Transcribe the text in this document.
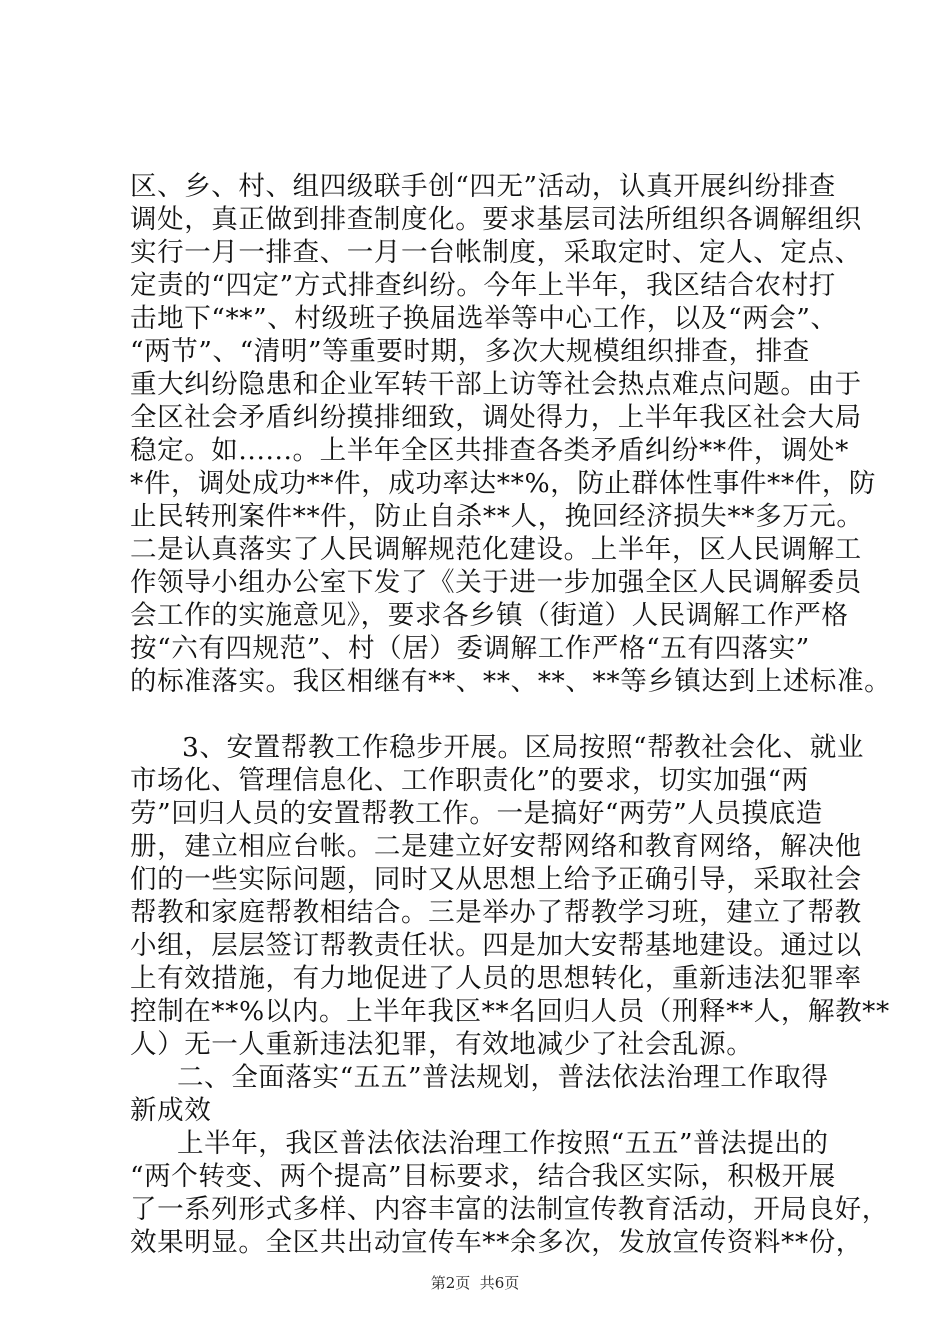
区、乡、村、组四级联手创“四无”活动，认真开展纠纷排查
调处，真正做到排查制度化。要求基层司法所组织各调解组织
实行一月一排查、一月一台帐制度，采取定时、定人、定点、
定责的“四定”方式排查纠纷。今年上半年，我区结合农村打
击地下“**”、村级班子换届选举等中心工作，以及“两会”、
“两节”、“清明”等重要时期，多次大规模组织排查，排查
重大纠纷隐患和企业军转干部上访等社会热点难点问题。由于
全区社会矛盾纠纷摸排细致，调处得力，上半年我区社会大局
稳定。如......。上半年全区共排查各类矛盾纠纷**件，调处*
*件，调处成功**件，成功率达**%，防止群体性事件**件，防
止民转刑案件**件，防止自杀**人，挽回经济损失**多万元。
二是认真落实了人民调解规范化建设。上半年，区人民调解工
作领导小组办公室下发了《关于进一步加强全区人民调解委员
会工作的实施意见》，要求各乡镇（街道）人民调解工作严格
按“六有四规范”、村（居）委调解工作严格“五有四落实”
的标准落实。我区相继有**、**、**、**等乡镇达到上述标准。
3、安置帮教工作稳步开展。区局按照“帮教社会化、就业
市场化、管理信息化、工作职责化”的要求，切实加强“两
劳”回归人员的安置帮教工作。一是搞好“两劳”人员摸底造
册，建立相应台帐。二是建立好安帮网络和教育网络，解决他
们的一些实际问题，同时又从思想上给予正确引导，采取社会
帮教和家庭帮教相结合。三是举办了帮教学习班，建立了帮教
小组，层层签订帮教责任状。四是加大安帮基地建设。通过以
上有效措施，有力地促进了人员的思想转化，重新违法犯罪率
控制在**%以内。上半年我区**名回归人员（刑释**人，解教**
人）无一人重新违法犯罪，有效地减少了社会乱源。
二、全面落实“五五”普法规划，普法依法治理工作取得
新成效
上半年，我区普法依法治理工作按照“五五”普法提出的
“两个转变、两个提高”目标要求，结合我区实际，积极开展
了一系列形式多样、内容丰富的法制宣传教育活动，开局良好，
效果明显。全区共出动宣传车**余多次，发放宣传资料**份，
第2页  共6页
